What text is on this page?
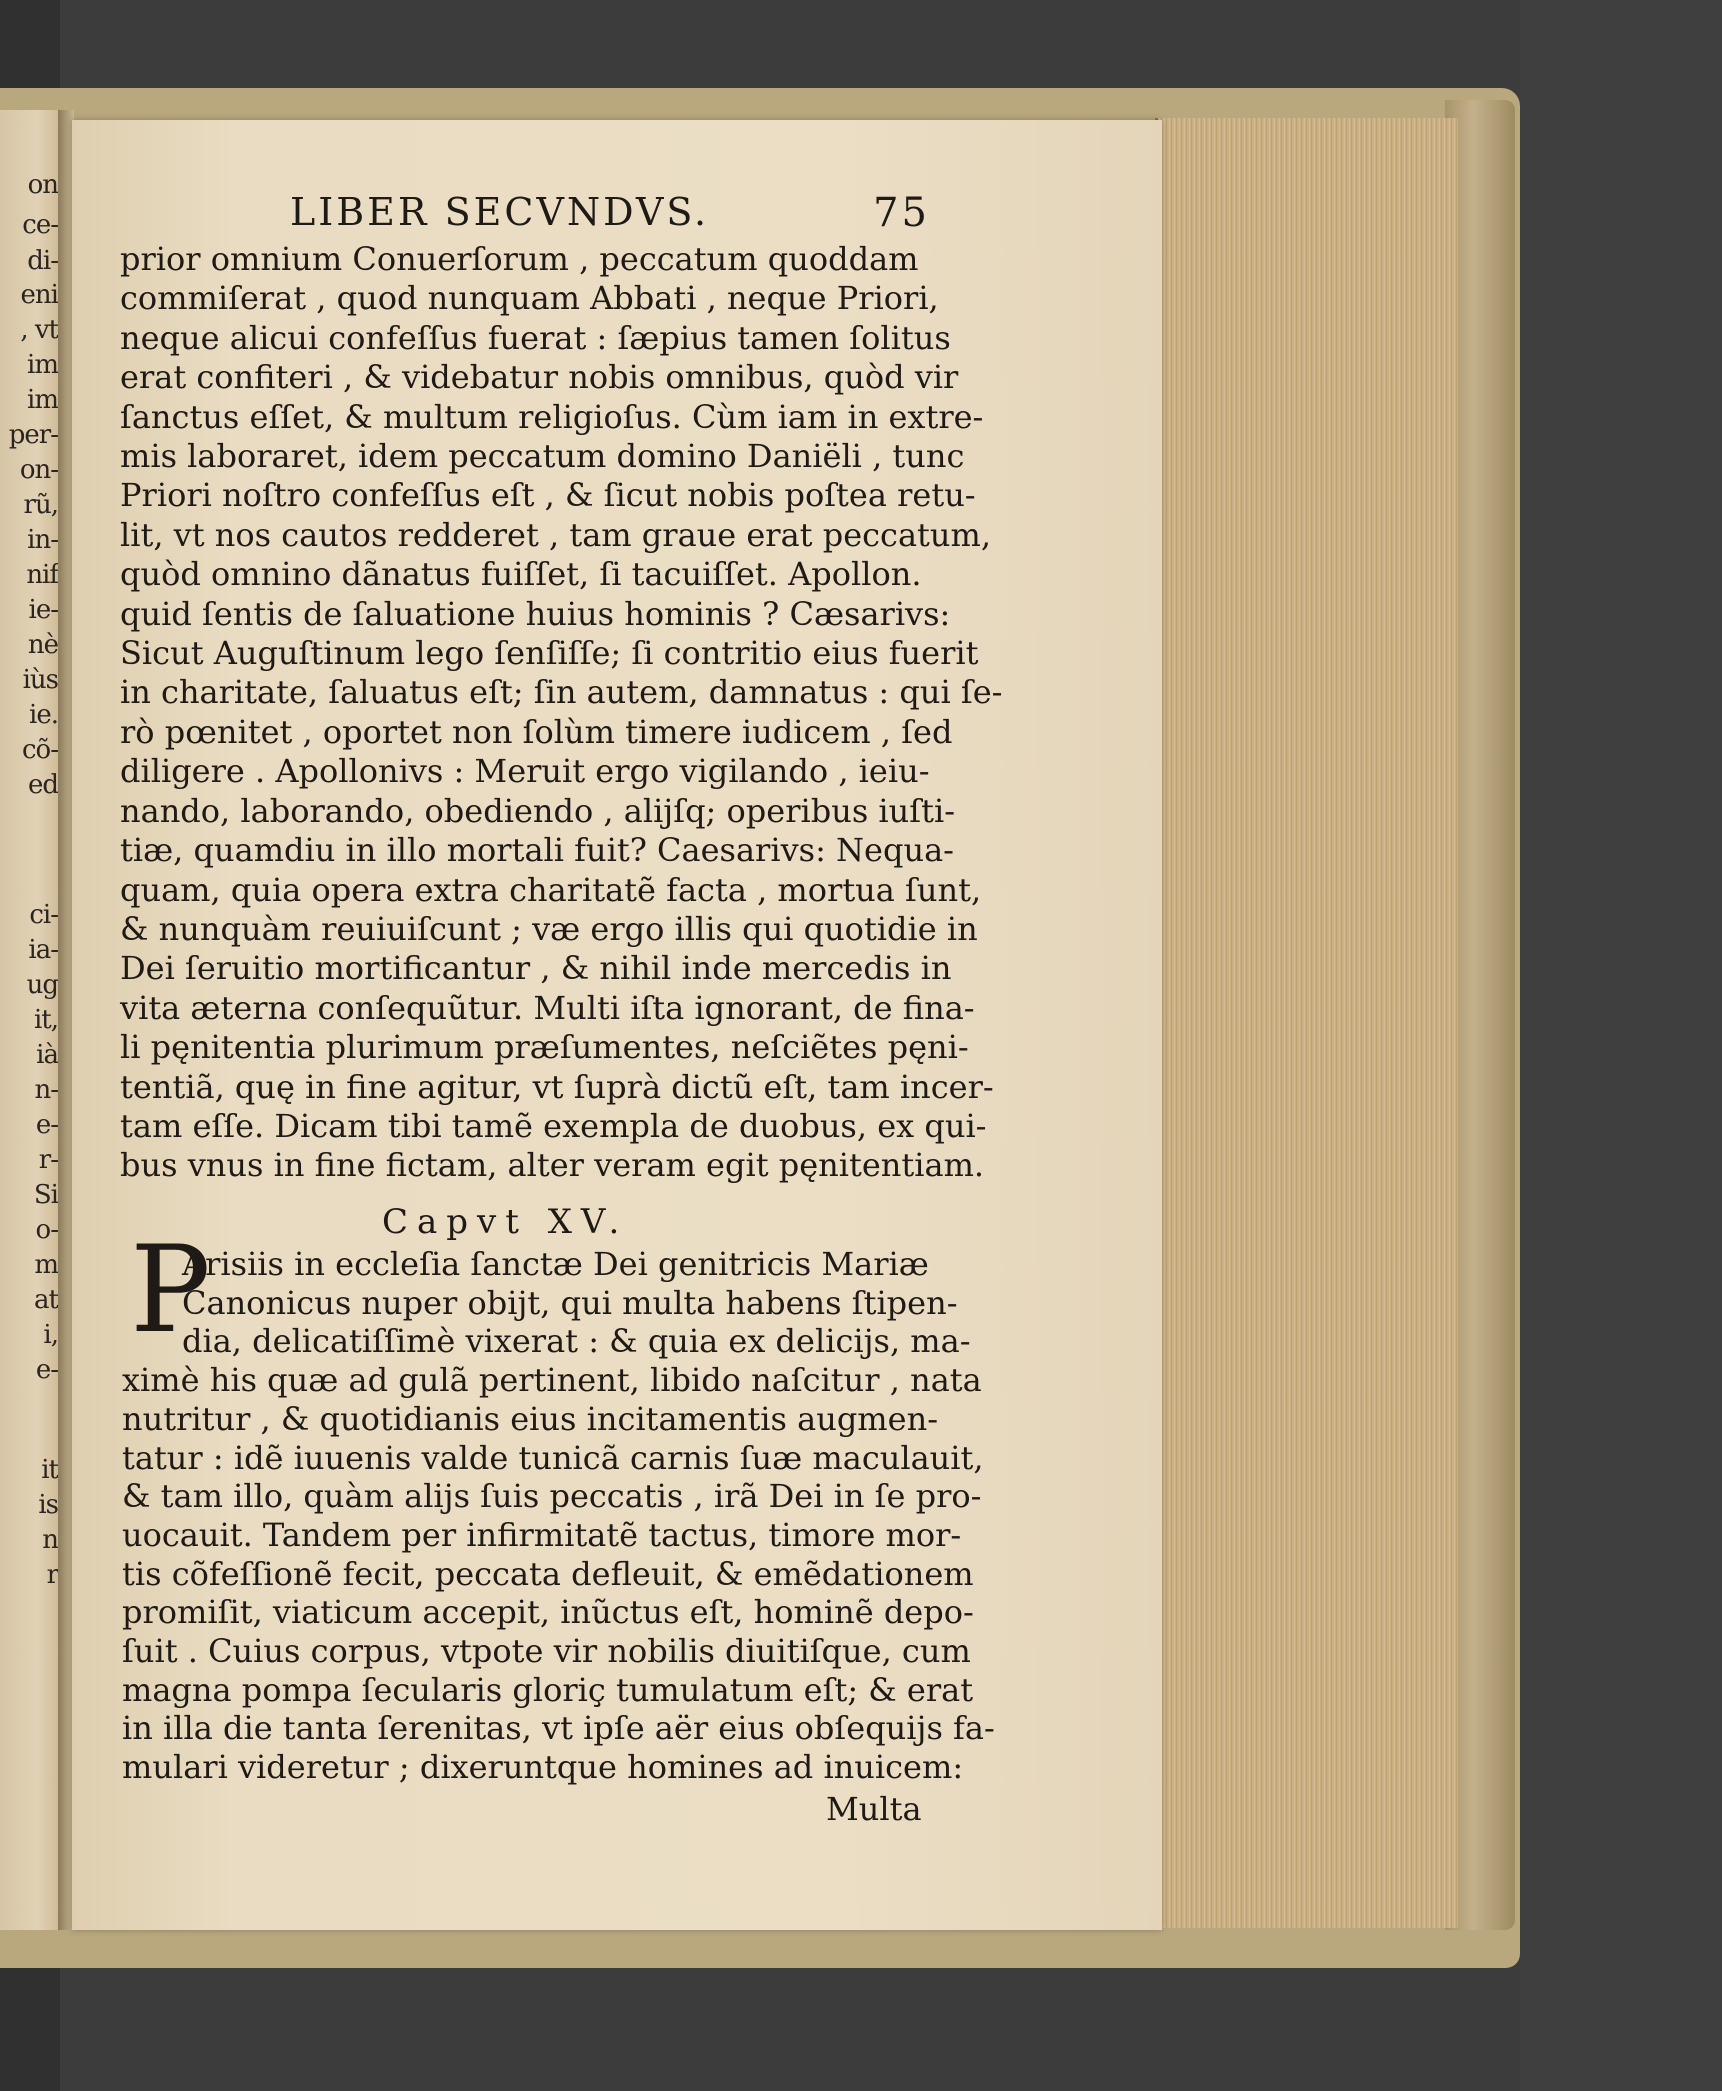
on
ce-
di-
eni
, vt
im
im
per-
on-
rũ,
in-
nif
ie-
nè
iùs
ie.
cõ-
ed
ci-
ia-
ug
it,
ià
n-
e-
r-
Si
o-
m
at
i,
e-
it
is
n
r
LIBER SECVNDVS.	75
prior omnium Conuerſorum , peccatum quoddam
commiſerat , quod nunquam Abbati , neque Priori,
neque alicui confeſſus fuerat : ſæpius tamen ſolitus
erat confiteri , & videbatur nobis omnibus, quòd vir
ſanctus eſſet, & multum religioſus. Cùm iam in extre-
mis laboraret, idem peccatum domino Daniëli , tunc
Priori noſtro confeſſus eſt , & ſicut nobis poſtea retu-
lit, vt nos cautos redderet , tam graue erat peccatum,
quòd omnino dãnatus fuiſſet, ſi tacuiſſet. Apollon.
quid ſentis de ſaluatione huius hominis ? Cæsarivs:
Sicut Auguſtinum lego ſenſiſſe; ſi contritio eius fuerit
in charitate, ſaluatus eſt; ſin autem, damnatus : qui ſe-
rò pœnitet , oportet non ſolùm timere iudicem , ſed
diligere . Apollonivs : Meruit ergo vigilando , ieiu-
nando, laborando, obediendo , alijſq; operibus iuſti-
tiæ, quamdiu in illo mortali fuit? Caesarivs: Nequa-
quam, quia opera extra charitatẽ facta , mortua ſunt,
& nunquàm reuiuiſcunt ; væ ergo illis qui quotidie in
Dei ſeruitio mortificantur , & nihil inde mercedis in
vita æterna conſequũtur. Multi iſta ignorant, de fina-
li pęnitentia plurimum præſumentes, neſciẽtes pęni-
tentiã, quę in fine agitur, vt ſuprà dictũ eſt, tam incer-
tam eſſe. Dicam tibi tamẽ exempla de duobus, ex qui-
bus vnus in fine fictam, alter veram egit pęnitentiam.
Capvt XV.
P
Arisiis in eccleſia ſanctæ Dei genitricis Mariæ
Canonicus nuper obijt, qui multa habens ſtipen-
dia, delicatiſſimè vixerat : & quia ex delicijs, ma-
ximè his quæ ad gulã pertinent, libido naſcitur , nata
nutritur , & quotidianis eius incitamentis augmen-
tatur : idẽ iuuenis valde tunicã carnis ſuæ maculauit,
& tam illo, quàm alijs ſuis peccatis , irã Dei in ſe pro-
uocauit. Tandem per infirmitatẽ tactus, timore mor-
tis cõfeſſionẽ fecit, peccata defleuit, & emẽdationem
promiſit, viaticum accepit, inũctus eſt, hominẽ depo-
ſuit . Cuius corpus, vtpote vir nobilis diuitiſque, cum
magna pompa ſecularis gloriç tumulatum eſt; & erat
in illa die tanta ſerenitas, vt ipſe aër eius obſequijs fa-
mulari videretur ; dixeruntque homines ad inuicem:
Multa
